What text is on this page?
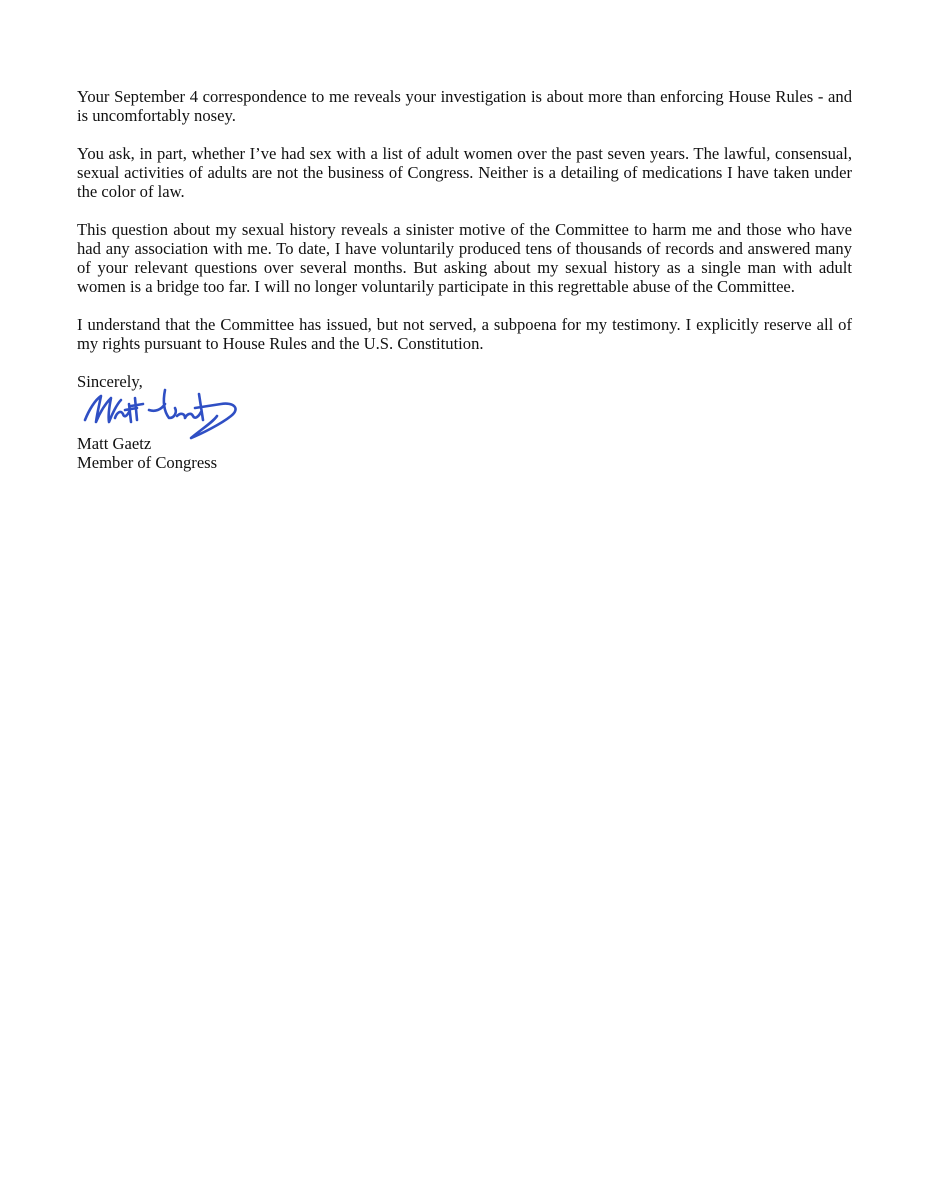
Your September 4 correspondence to me reveals your investigation is about more than enforcing House Rules - and
is uncomfortably nosey.
You ask, in part, whether I’ve had sex with a list of adult women over the past seven years. The lawful, consensual,
sexual activities of adults are not the business of Congress. Neither is a detailing of medications I have taken under
the color of law.
This question about my sexual history reveals a sinister motive of the Committee to harm me and those who have
had any association with me. To date, I have voluntarily produced tens of thousands of records and answered many
of your relevant questions over several months. But asking about my sexual history as a single man with adult
women is a bridge too far. I will no longer voluntarily participate in this regrettable abuse of the Committee.
I understand that the Committee has issued, but not served, a subpoena for my testimony. I explicitly reserve all of
my rights pursuant to House Rules and the U.S. Constitution.
Sincerely,
Matt Gaetz
Member of Congress
